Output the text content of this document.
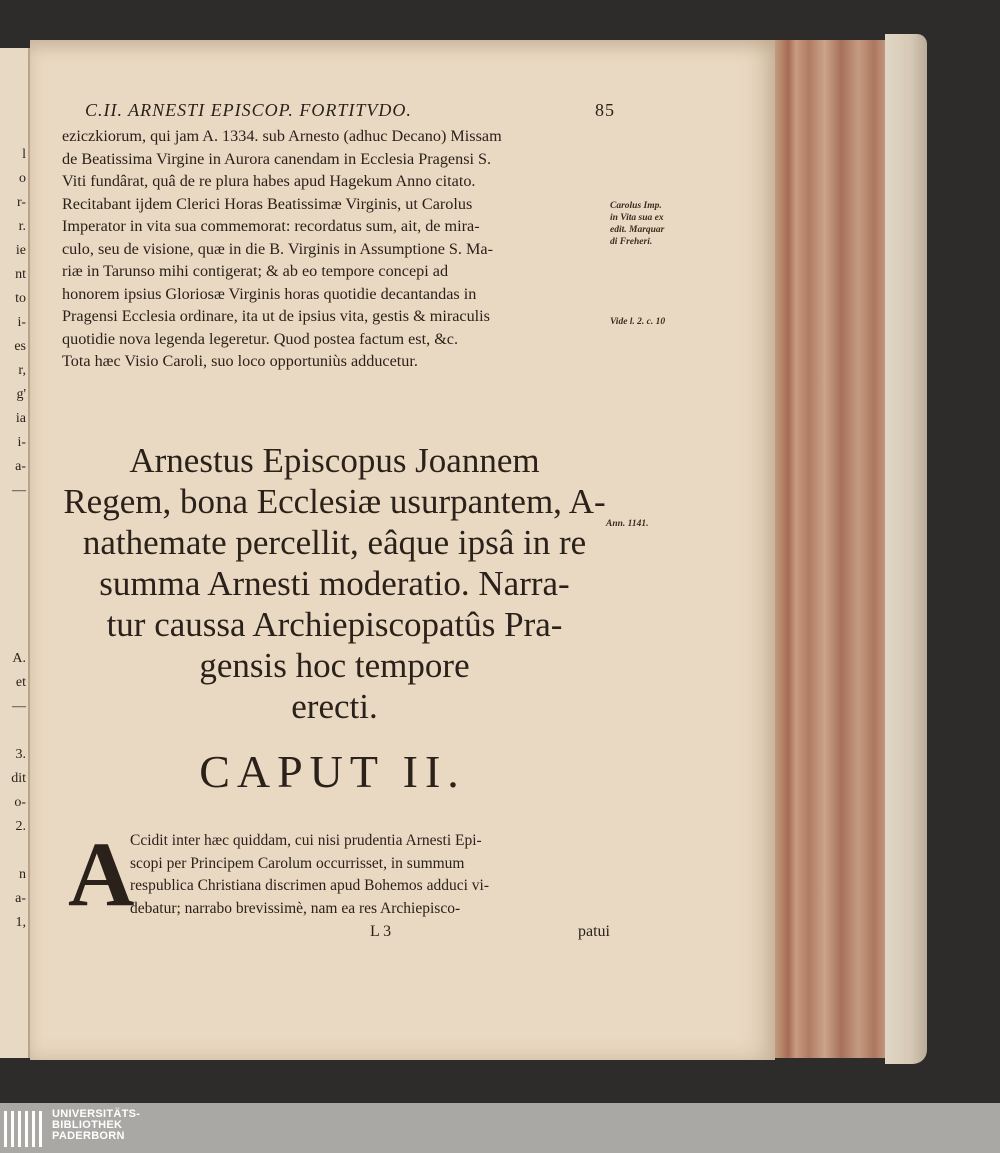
l
o
r-
r.
ie
nt
to
i-
es
r,
g'
ia
i-
a-
—

A.
et
—

3.
dit
o-
2.

n
a-
1,
C.II. ARNESTI EPISCOP. FORTITVDO.	85

eziczkiorum, qui jam A. 1334. sub Arnesto (adhuc Decano) Missam

de Beatissima Virgine in Aurora canendam in Ecclesia Pragensi S.

Viti fundârat, quâ de re plura habes apud Hagekum Anno citato.

Recitabant ijdem Clerici Horas Beatissimæ Virginis, ut Carolus

Imperator in vita sua commemorat: recordatus sum, ait, de mira-

culo, seu de visione, quæ in die B. Virginis in Assumptione S. Ma-

riæ in Tarunso mihi contigerat; & ab eo tempore concepi ad

honorem ipsius Gloriosæ Virginis horas quotidie decantandas in

Pragensi Ecclesia ordinare, ita ut de ipsius vita, gestis & miraculis

quotidie nova legenda legeretur. Quod postea factum est, &c.

Tota hæc Visio Caroli, suo loco opportuniùs adducetur.

Carolus Imp.
in Vita sua ex
edit. Marquar
di Freheri.
Vide l. 2. c. 10
Ann. 1141.
Arnestus Episcopus Joannem
Regem, bona Ecclesiæ usurpantem, A-
nathemate percellit, eâque ipsâ in re
summa Arnesti moderatio. Narra-
tur caussa Archiepiscopatûs Pra-
gensis hoc tempore
erecti.
CAPUT II.
A
Ccidit inter hæc quiddam, cui nisi prudentia Arnesti Epi-
scopi per Principem Carolum occurrisset, in summum
respublica Christiana discrimen apud Bohemos adduci vi-
debatur; narrabo brevissimè, nam ea res Archiepisco-
L 3	patui
UNIVERSITÄTS-
BIBLIOTHEK
PADERBORN
